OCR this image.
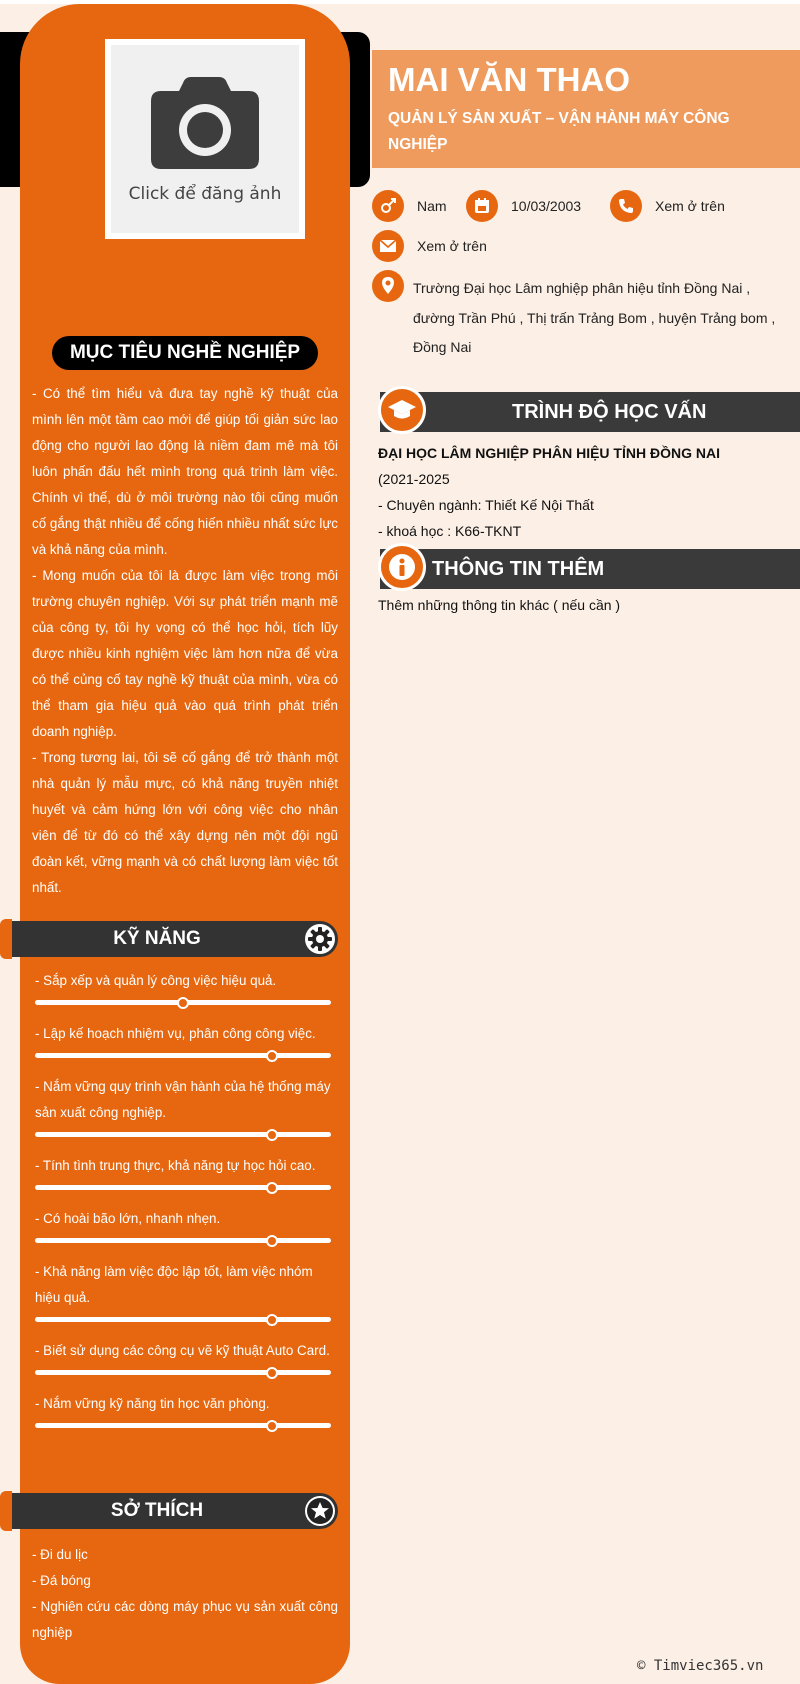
Click để đăng ảnh
MỤC TIÊU NGHỀ NGHIỆP

- Có thể tìm hiểu và đưa tay nghề kỹ thuật của mình lên một tầm cao mới để giúp tối giản sức lao động cho người lao động là niềm đam mê mà tôi luôn phấn đấu hết mình trong quá trình làm việc. Chính vì thế, dù ở môi trường nào tôi cũng muốn cố gắng thật nhiều để cống hiến nhiều nhất sức lực và khả năng của mình.

- Mong muốn của tôi là được làm việc trong môi trường chuyên nghiệp. Với sự phát triển mạnh mẽ của công ty, tôi hy vọng có thể học hỏi, tích lũy được nhiều kinh nghiệm việc làm hơn nữa để vừa có thể củng cố tay nghề kỹ thuật của mình, vừa có thể tham gia hiệu quả vào quá trình phát triển doanh nghiệp.

- Trong tương lai, tôi sẽ cố gắng để trở thành một nhà quản lý mẫu mực, có khả năng truyền nhiệt huyết và cảm hứng lớn với công việc cho nhân viên để từ đó có thể xây dựng nên một đội ngũ đoàn kết, vững mạnh và có chất lượng làm việc tốt nhất.

KỸ NĂNG
- Sắp xếp và quản lý công việc hiệu quả.
- Lập kế hoạch nhiệm vụ, phân công công việc.
- Nắm vững quy trình vận hành của hệ thống máy sản xuất công nghiệp.
- Tính tình trung thực, khả năng tự học hỏi cao.
- Có hoài bão lớn, nhanh nhẹn.
- Khả năng làm việc độc lập tốt, làm việc nhóm hiệu quả.
- Biết sử dụng các công cụ vẽ kỹ thuật Auto Card.
- Nắm vững kỹ năng tin học văn phòng.
SỞ THÍCH
- Đi du lịc
- Đá bóng
- Nghiên cứu các dòng máy phục vụ sản xuất công nghiệp
MAI VĂN THAO
QUẢN LÝ SẢN XUẤT – VẬN HÀNH MÁY CÔNG NGHIỆP
Nam	10/03/2003	Xem ở trên
Xem ở trên
Trường Đại học Lâm nghiệp phân hiệu tỉnh Đồng Nai , đường Trần Phú , Thị trấn Trảng Bom , huyện Trảng bom , Đồng Nai
TRÌNH ĐỘ HỌC VẤN
ĐẠI HỌC LÂM NGHIỆP PHÂN HIỆU TỈNH ĐỒNG NAI
(2021-2025
- Chuyên ngành: Thiết Kế Nội Thất
- khoá học : K66-TKNT
THÔNG TIN THÊM
Thêm những thông tin khác ( nếu cần )
© Timviec365.vn
